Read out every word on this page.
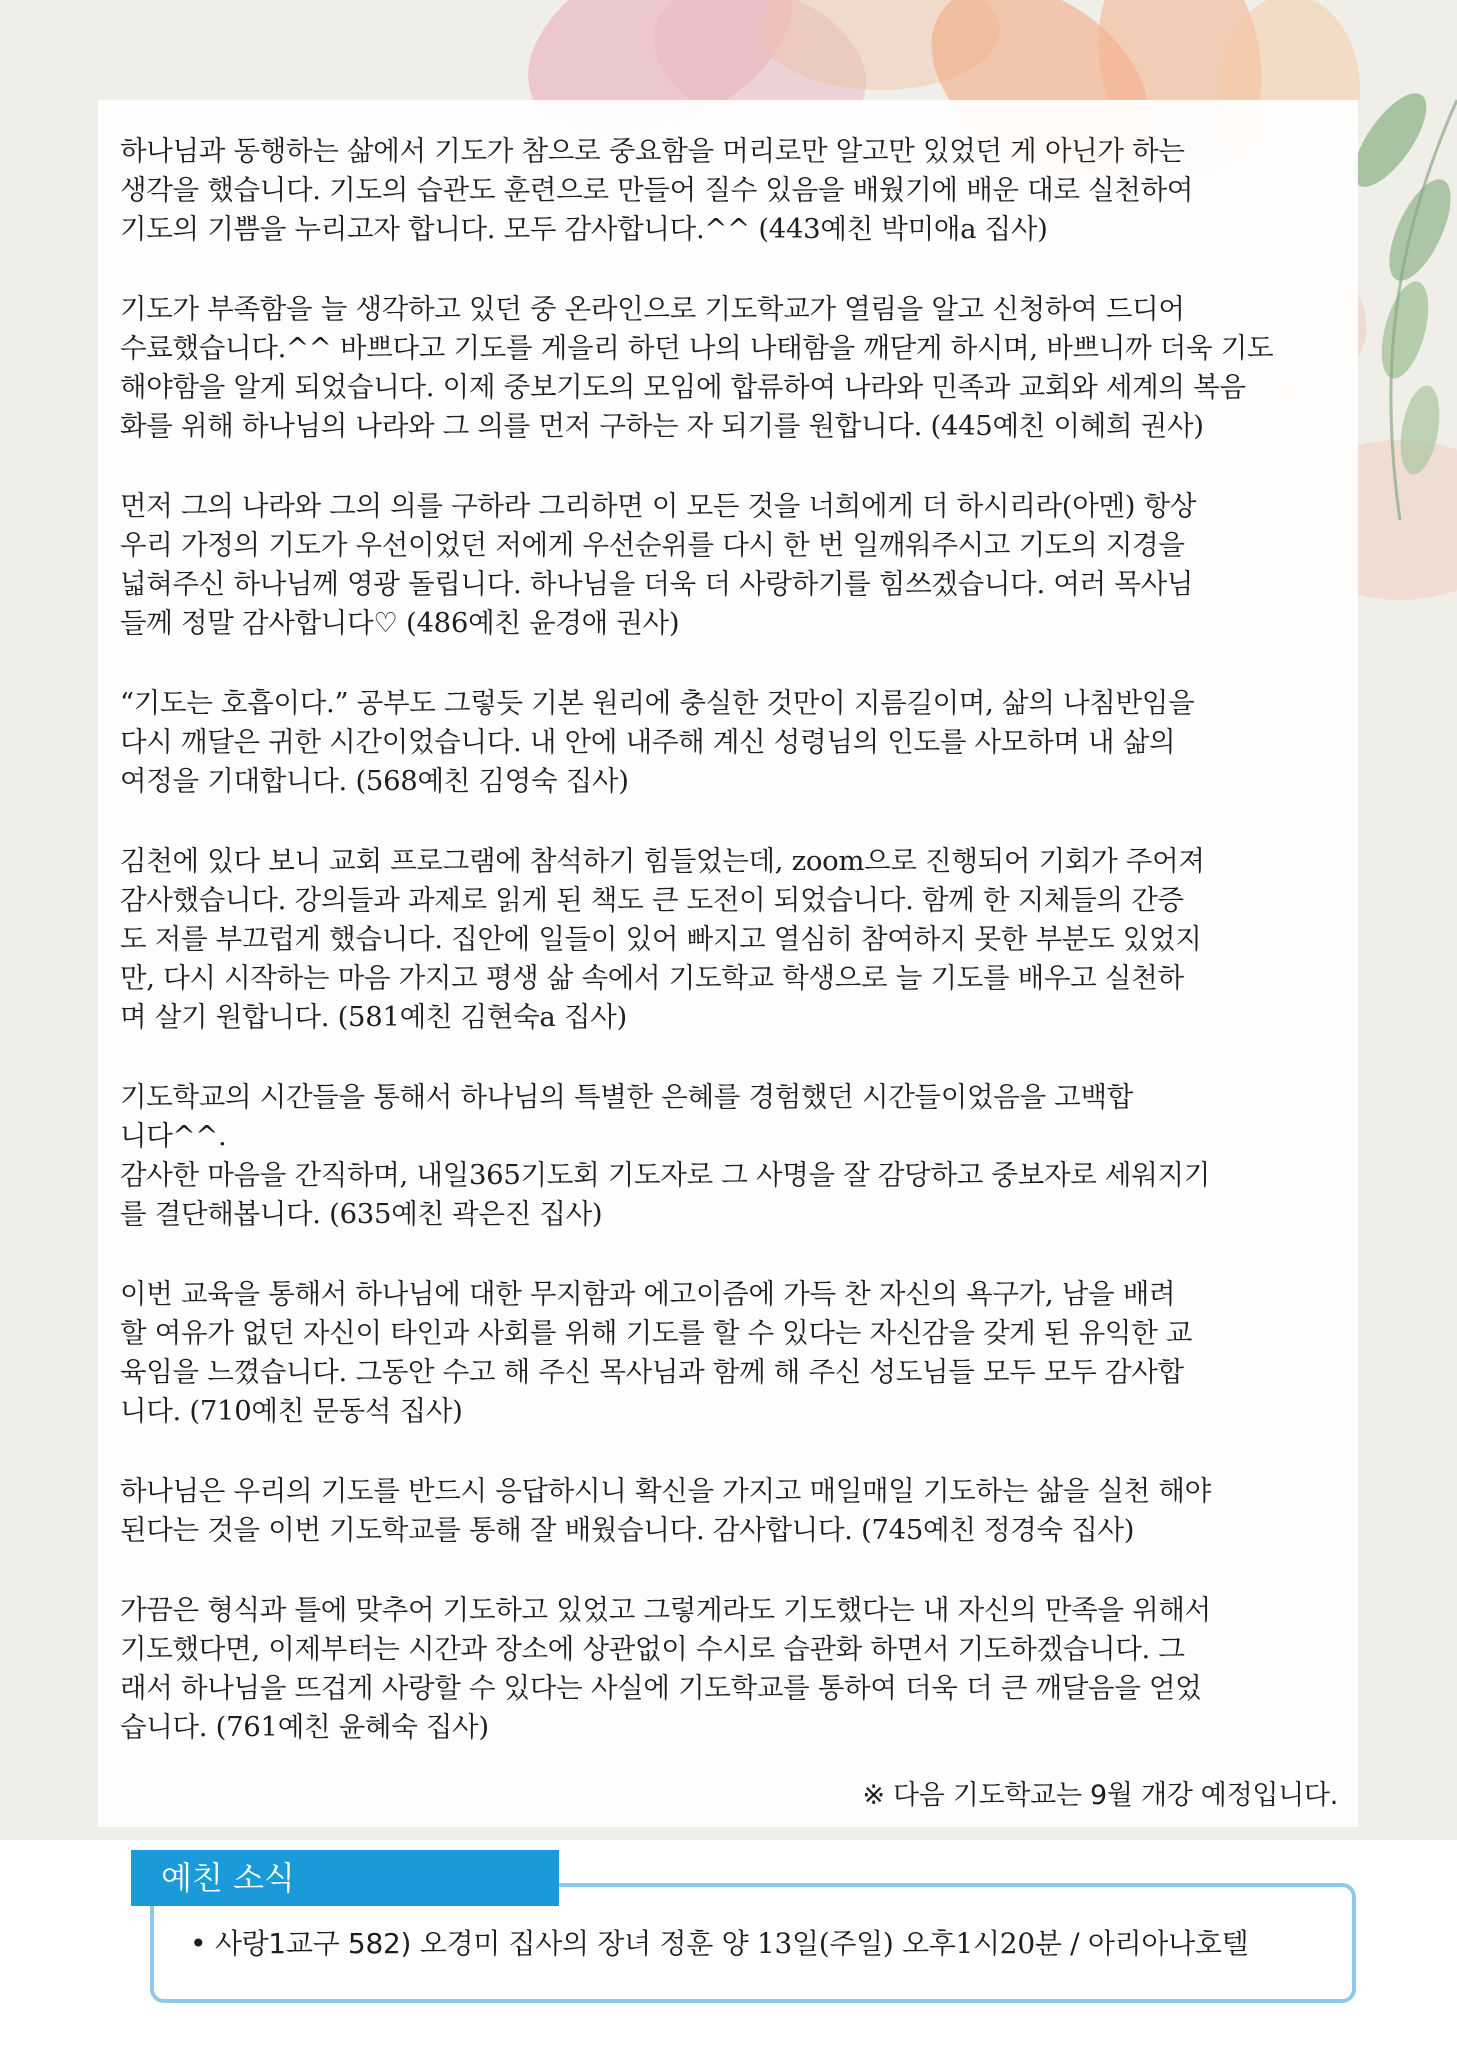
하나님과 동행하는 삶에서 기도가 참으로 중요함을 머리로만 알고만 있었던 게 아닌가 하는
생각을 했습니다. 기도의 습관도 훈련으로 만들어 질수 있음을 배웠기에 배운 대로 실천하여
기도의 기쁨을 누리고자 합니다. 모두 감사합니다.^^ (443예친 박미애a 집사)
기도가 부족함을 늘 생각하고 있던 중 온라인으로 기도학교가 열림을 알고 신청하여 드디어
수료했습니다.^^ 바쁘다고 기도를 게을리 하던 나의 나태함을 깨닫게 하시며, 바쁘니까 더욱 기도
해야함을 알게 되었습니다. 이제 중보기도의 모임에 합류하여 나라와 민족과 교회와 세계의 복음
화를 위해 하나님의 나라와 그 의를 먼저 구하는 자 되기를 원합니다. (445예친 이혜희 권사)
먼저 그의 나라와 그의 의를 구하라 그리하면 이 모든 것을 너희에게 더 하시리라(아멘) 항상
우리 가정의 기도가 우선이었던 저에게 우선순위를 다시 한 번 일깨워주시고 기도의 지경을
넓혀주신 하나님께 영광 돌립니다. 하나님을 더욱 더 사랑하기를 힘쓰겠습니다. 여러 목사님
들께 정말 감사합니다♡ (486예친 윤경애 권사)
“기도는 호흡이다.” 공부도 그렇듯 기본 원리에 충실한 것만이 지름길이며, 삶의 나침반임을
다시 깨달은 귀한 시간이었습니다. 내 안에 내주해 계신 성령님의 인도를 사모하며 내 삶의
여정을 기대합니다. (568예친 김영숙 집사)
김천에 있다 보니 교회 프로그램에 참석하기 힘들었는데, zoom으로 진행되어 기회가 주어져
감사했습니다. 강의들과 과제로 읽게 된 책도 큰 도전이 되었습니다. 함께 한 지체들의 간증
도 저를 부끄럽게 했습니다. 집안에 일들이 있어 빠지고 열심히 참여하지 못한 부분도 있었지
만, 다시 시작하는 마음 가지고 평생 삶 속에서 기도학교 학생으로 늘 기도를 배우고 실천하
며 살기 원합니다. (581예친 김현숙a 집사)
기도학교의 시간들을 통해서 하나님의 특별한 은혜를 경험했던 시간들이었음을 고백합
니다^^.
감사한 마음을 간직하며, 내일365기도회 기도자로 그 사명을 잘 감당하고 중보자로 세워지기
를 결단해봅니다. (635예친 곽은진 집사)
이번 교육을 통해서 하나님에 대한 무지함과 에고이즘에 가득 찬 자신의 욕구가, 남을 배려
할 여유가 없던 자신이 타인과 사회를 위해 기도를 할 수 있다는 자신감을 갖게 된 유익한 교
육임을 느꼈습니다. 그동안 수고 해 주신 목사님과 함께 해 주신 성도님들 모두 모두 감사합
니다. (710예친 문동석 집사)
하나님은 우리의 기도를 반드시 응답하시니 확신을 가지고 매일매일 기도하는 삶을 실천 해야
된다는 것을 이번 기도학교를 통해 잘 배웠습니다. 감사합니다. (745예친 정경숙 집사)
가끔은 형식과 틀에 맞추어 기도하고 있었고 그렇게라도 기도했다는 내 자신의 만족을 위해서
기도했다면, 이제부터는 시간과 장소에 상관없이 수시로 습관화 하면서 기도하겠습니다. 그
래서 하나님을 뜨겁게 사랑할 수 있다는 사실에 기도학교를 통하여 더욱 더 큰 깨달음을 얻었
습니다. (761예친 윤혜숙 집사)
※ 다음 기도학교는 9월 개강 예정입니다.
예친 소식
• 사랑1교구 582) 오경미 집사의 장녀 정훈 양 13일(주일) 오후1시20분 / 아리아나호텔
